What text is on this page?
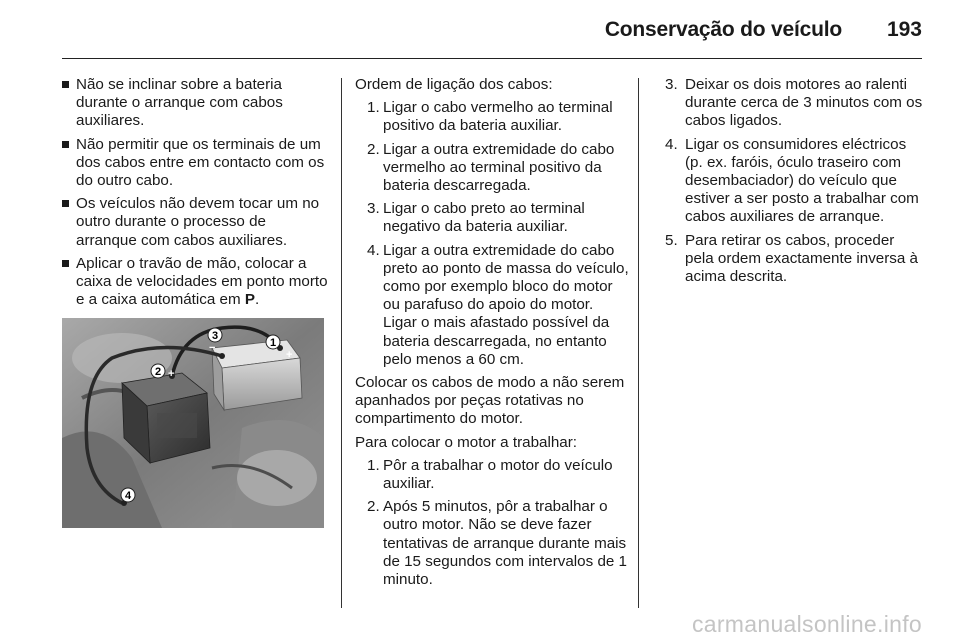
Conservação do veículo 193
Não se inclinar sobre a bateria durante o arranque com cabos auxiliares.
Não permitir que os terminais de um dos cabos entre em contacto com os do outro cabo.
Os veículos não devem tocar um no outro durante o processo de arranque com cabos auxiliares.
Aplicar o travão de mão, colocar a caixa de velocidades em ponto morto e a caixa automática em P.
1
+
3
−
2 +
4

Ordem de ligação dos cabos:

1. Ligar o cabo vermelho ao terminal positivo da bateria auxiliar.
2. Ligar a outra extremidade do cabo vermelho ao terminal positivo da bateria descarregada.
3. Ligar o cabo preto ao terminal negativo da bateria auxiliar.
4. Ligar a outra extremidade do cabo preto ao ponto de massa do veículo, como por exemplo bloco do motor ou parafuso do apoio do motor. Ligar o mais afastado possível da bateria descarregada, no entanto pelo menos a 60 cm.

Colocar os cabos de modo a não serem apanhados por peças rotativas no compartimento do motor.

Para colocar o motor a trabalhar:

1. Pôr a trabalhar o motor do veículo auxiliar.
2. Após 5 minutos, pôr a trabalhar o outro motor. Não se deve fazer tentativas de arranque durante mais de 15 segundos com intervalos de 1 minuto.
3. Deixar os dois motores ao ralenti durante cerca de 3 minutos com os cabos ligados.
4. Ligar os consumidores eléctricos (p. ex. faróis, óculo traseiro com desembaciador) do veículo que estiver a ser posto a trabalhar com cabos auxiliares de arranque.
5. Para retirar os cabos, proceder pela ordem exactamente inversa à acima descrita.
carmanualsonline.info
